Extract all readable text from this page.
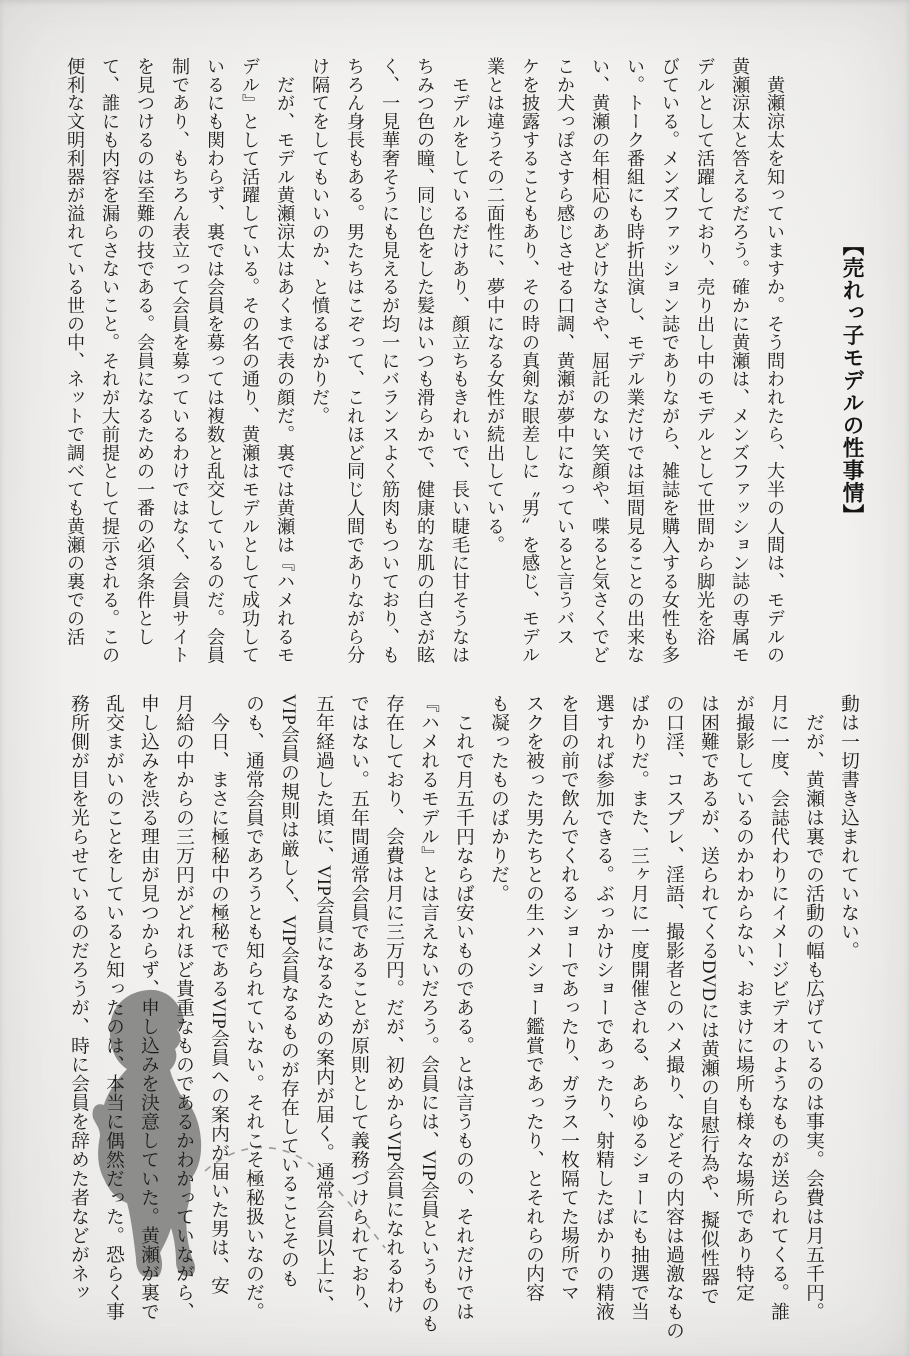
【売れっ子モデルの性事情】
　黄瀬涼太を知っていますか。そう問われたら、大半の人間は、モデルの
黄瀬涼太と答えるだろう。確かに黄瀬は、メンズファッション誌の専属モ
デルとして活躍しており、売り出し中のモデルとして世間から脚光を浴
びている。メンズファッション誌でありながら、雑誌を購入する女性も多
い。トーク番組にも時折出演し、モデル業だけでは垣間見ることの出来な
い、黄瀬の年相応のあどけなさや、屈託のない笑顔や、喋ると気さくでど
こか犬っぽさすら感じさせる口調、黄瀬が夢中になっていると言うバス
ケを披露することもあり、その時の真剣な眼差しに〝男〟を感じ、モデル
業とは違うその二面性に、夢中になる女性が続出している。
　モデルをしているだけあり、顔立ちもきれいで、長い睫毛に甘そうなは
ちみつ色の瞳、同じ色をした髪はいつも滑らかで、健康的な肌の白さが眩
く、一見華奢そうにも見えるが均一にバランスよく筋肉もついており、も
ちろん身長もある。男たちはこぞって、これほど同じ人間でありながら分
け隔てをしてもいいのか、と憤るばかりだ。
　だが、モデル黄瀬涼太はあくまで表の顔だ。裏では黄瀬は『ハメれるモ
デル』として活躍している。その名の通り、黄瀬はモデルとして成功して
いるにも関わらず、裏では会員を募っては複数と乱交しているのだ。会員
制であり、もちろん表立って会員を募っているわけではなく、会員サイト
を見つけるのは至難の技である。会員になるための一番の必須条件とし
て、誰にも内容を漏らさないこと。それが大前提として提示される。この
便利な文明利器が溢れている世の中、ネットで調べても黄瀬の裏での活
動は一切書き込まれていない。
　だが、黄瀬は裏での活動の幅も広げているのは事実。会費は月五千円。
月に一度、会誌代わりにイメージビデオのようなものが送られてくる。誰
が撮影しているのかわからない、おまけに場所も様々な場所であり特定
は困難であるが、送られてくるDVDには黄瀬の自慰行為や、擬似性器で
の口淫、コスプレ、淫語、撮影者とのハメ撮り、などその内容は過激なもの
ばかりだ。また、三ヶ月に一度開催される、あらゆるショーにも抽選で当
選すれば参加できる。ぶっかけショーであったり、射精したばかりの精液
を目の前で飲んでくれるショーであったり、ガラス一枚隔てた場所でマ
スクを被った男たちとの生ハメショー鑑賞であったり、とそれらの内容
も凝ったものばかりだ。
　これで月五千円ならば安いものである。とは言うものの、それだけでは
『ハメれるモデル』とは言えないだろう。会員には、VIP会員というものも
存在しており、会費は月に三万円。だが、初めからVIP会員になれるわけ
ではない。五年間通常会員であることが原則として義務づけられており、
五年経過した頃に、VIP会員になるための案内が届く。通常会員以上に、
VIP会員の規則は厳しく、VIP会員なるものが存在していることそのも
のも、通常会員であろうとも知られていない。それこそ極秘扱いなのだ。
　今日、まさに極秘中の極秘であるVIP会員への案内が届いた男は、安
月給の中からの三万円がどれほど貴重なものであるかわかっていながら、
申し込みを渋る理由が見つからず、申し込みを決意していた。黄瀬が裏で
乱交まがいのことをしていると知ったのは、本当に偶然だった。恐らく事
務所側が目を光らせているのだろうが、時に会員を辞めた者などがネッ
